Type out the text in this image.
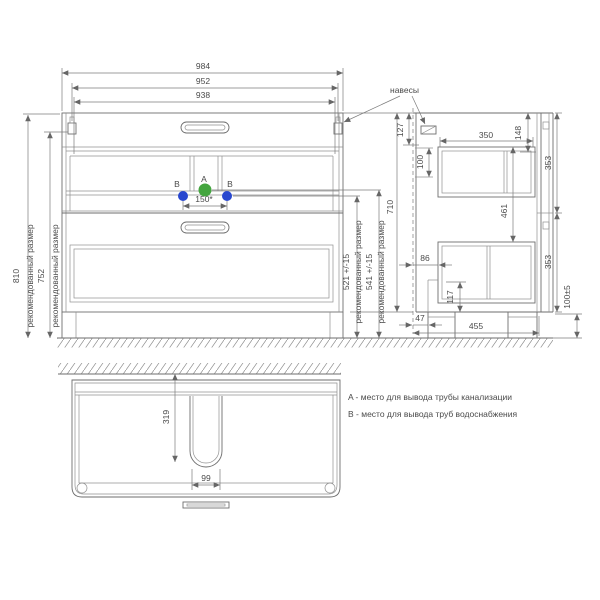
A
B	B
150*
984
952
938
810 рекомендованный размер 752 рекомендованный размер	521 +/-15 рекомендованный размер 541 +/-15 рекомендованный размер
710
навесы
127
100
350 148
353
353
461
86
117
47
455
100±5
319
99
A - место для вывода трубы канализации
B - место для вывода труб водоснабжения
